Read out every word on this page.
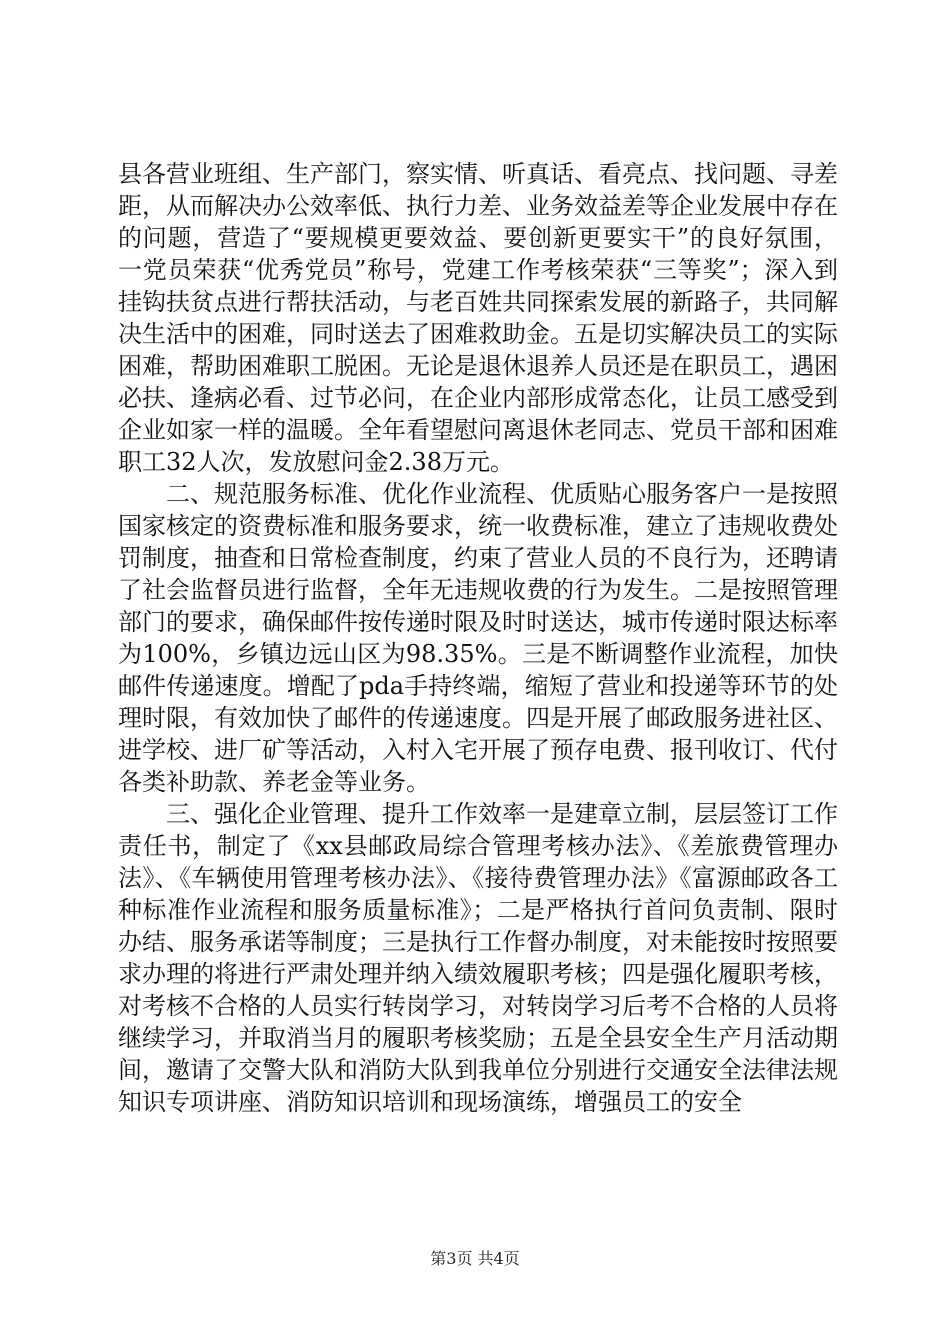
县各营业班组、生产部门，察实情、听真话、看亮点、找问题、寻差距，从而解决办公效率低、执行力差、业务效益差等企业发展中存在的问题，营造了“要规模更要效益、要创新更要实干”的良好氛围，一党员荣获“优秀党员”称号，党建工作考核荣获“三等奖”；深入到挂钩扶贫点进行帮扶活动，与老百姓共同探索发展的新路子，共同解决生活中的困难，同时送去了困难救助金。五是切实解决员工的实际困难，帮助困难职工脱困。无论是退休退养人员还是在职员工，遇困必扶、逢病必看、过节必问，在企业内部形成常态化，让员工感受到企业如家一样的温暖。全年看望慰问离退休老同志、党员干部和困难职工32人次，发放慰问金2.38万元。

二、规范服务标准、优化作业流程、优质贴心服务客户一是按照国家核定的资费标准和服务要求，统一收费标准，建立了违规收费处罚制度，抽查和日常检查制度，约束了营业人员的不良行为，还聘请了社会监督员进行监督，全年无违规收费的行为发生。二是按照管理部门的要求，确保邮件按传递时限及时时送达，城市传递时限达标率为100%，乡镇边远山区为98.35%。三是不断调整作业流程，加快邮件传递速度。增配了pda手持终端，缩短了营业和投递等环节的处理时限，有效加快了邮件的传递速度。四是开展了邮政服务进社区、进学校、进厂矿等活动，入村入宅开展了预存电费、报刊收订、代付各类补助款、养老金等业务。

三、强化企业管理、提升工作效率一是建章立制，层层签订工作责任书，制定了《xx县邮政局综合管理考核办法》、《差旅费管理办法》、《车辆使用管理考核办法》、《接待费管理办法》《富源邮政各工种标准作业流程和服务质量标准》；二是严格执行首问负责制、限时办结、服务承诺等制度；三是执行工作督办制度，对未能按时按照要求办理的将进行严肃处理并纳入绩效履职考核；四是强化履职考核，对考核不合格的人员实行转岗学习，对转岗学习后考不合格的人员将继续学习，并取消当月的履职考核奖励；五是全县安全生产月活动期间，邀请了交警大队和消防大队到我单位分别进行交通安全法律法规知识专项讲座、消防知识培训和现场演练，增强员工的安全

第3页 共4页
